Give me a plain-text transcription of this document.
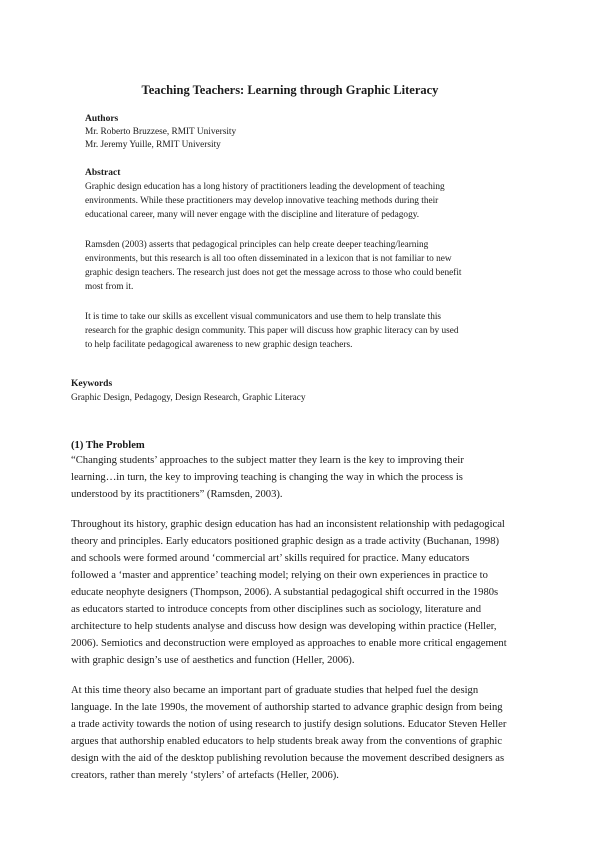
Teaching Teachers: Learning through Graphic Literacy
Authors
Mr. Roberto Bruzzese, RMIT University
Mr. Jeremy Yuille, RMIT University
Abstract
Graphic design education has a long history of practitioners leading the development of teaching
environments. While these practitioners may develop innovative teaching methods during their
educational career, many will never engage with the discipline and literature of pedagogy.
Ramsden (2003) asserts that pedagogical principles can help create deeper teaching/learning
environments, but this research is all too often disseminated in a lexicon that is not familiar to new
graphic design teachers. The research just does not get the message across to those who could benefit
most from it.
It is time to take our skills as excellent visual communicators and use them to help translate this
research for the graphic design community. This paper will discuss how graphic literacy can by used
to help facilitate pedagogical awareness to new graphic design teachers.
Keywords
Graphic Design, Pedagogy, Design Research, Graphic Literacy
(1) The Problem
“Changing students’ approaches to the subject matter they learn is the key to improving their
learning…in turn, the key to improving teaching is changing the way in which the process is
understood by its practitioners” (Ramsden, 2003).
Throughout its history, graphic design education has had an inconsistent relationship with pedagogical
theory and principles. Early educators positioned graphic design as a trade activity (Buchanan, 1998)
and schools were formed around ‘commercial art’ skills required for practice. Many educators
followed a ‘master and apprentice’ teaching model; relying on their own experiences in practice to
educate neophyte designers (Thompson, 2006). A substantial pedagogical shift occurred in the 1980s
as educators started to introduce concepts from other disciplines such as sociology, literature and
architecture to help students analyse and discuss how design was developing within practice (Heller,
2006). Semiotics and deconstruction were employed as approaches to enable more critical engagement
with graphic design’s use of aesthetics and function (Heller, 2006).
At this time theory also became an important part of graduate studies that helped fuel the design
language. In the late 1990s, the movement of authorship started to advance graphic design from being
a trade activity towards the notion of using research to justify design solutions. Educator Steven Heller
argues that authorship enabled educators to help students break away from the conventions of graphic
design with the aid of the desktop publishing revolution because the movement described designers as
creators, rather than merely ‘stylers’ of artefacts (Heller, 2006).
